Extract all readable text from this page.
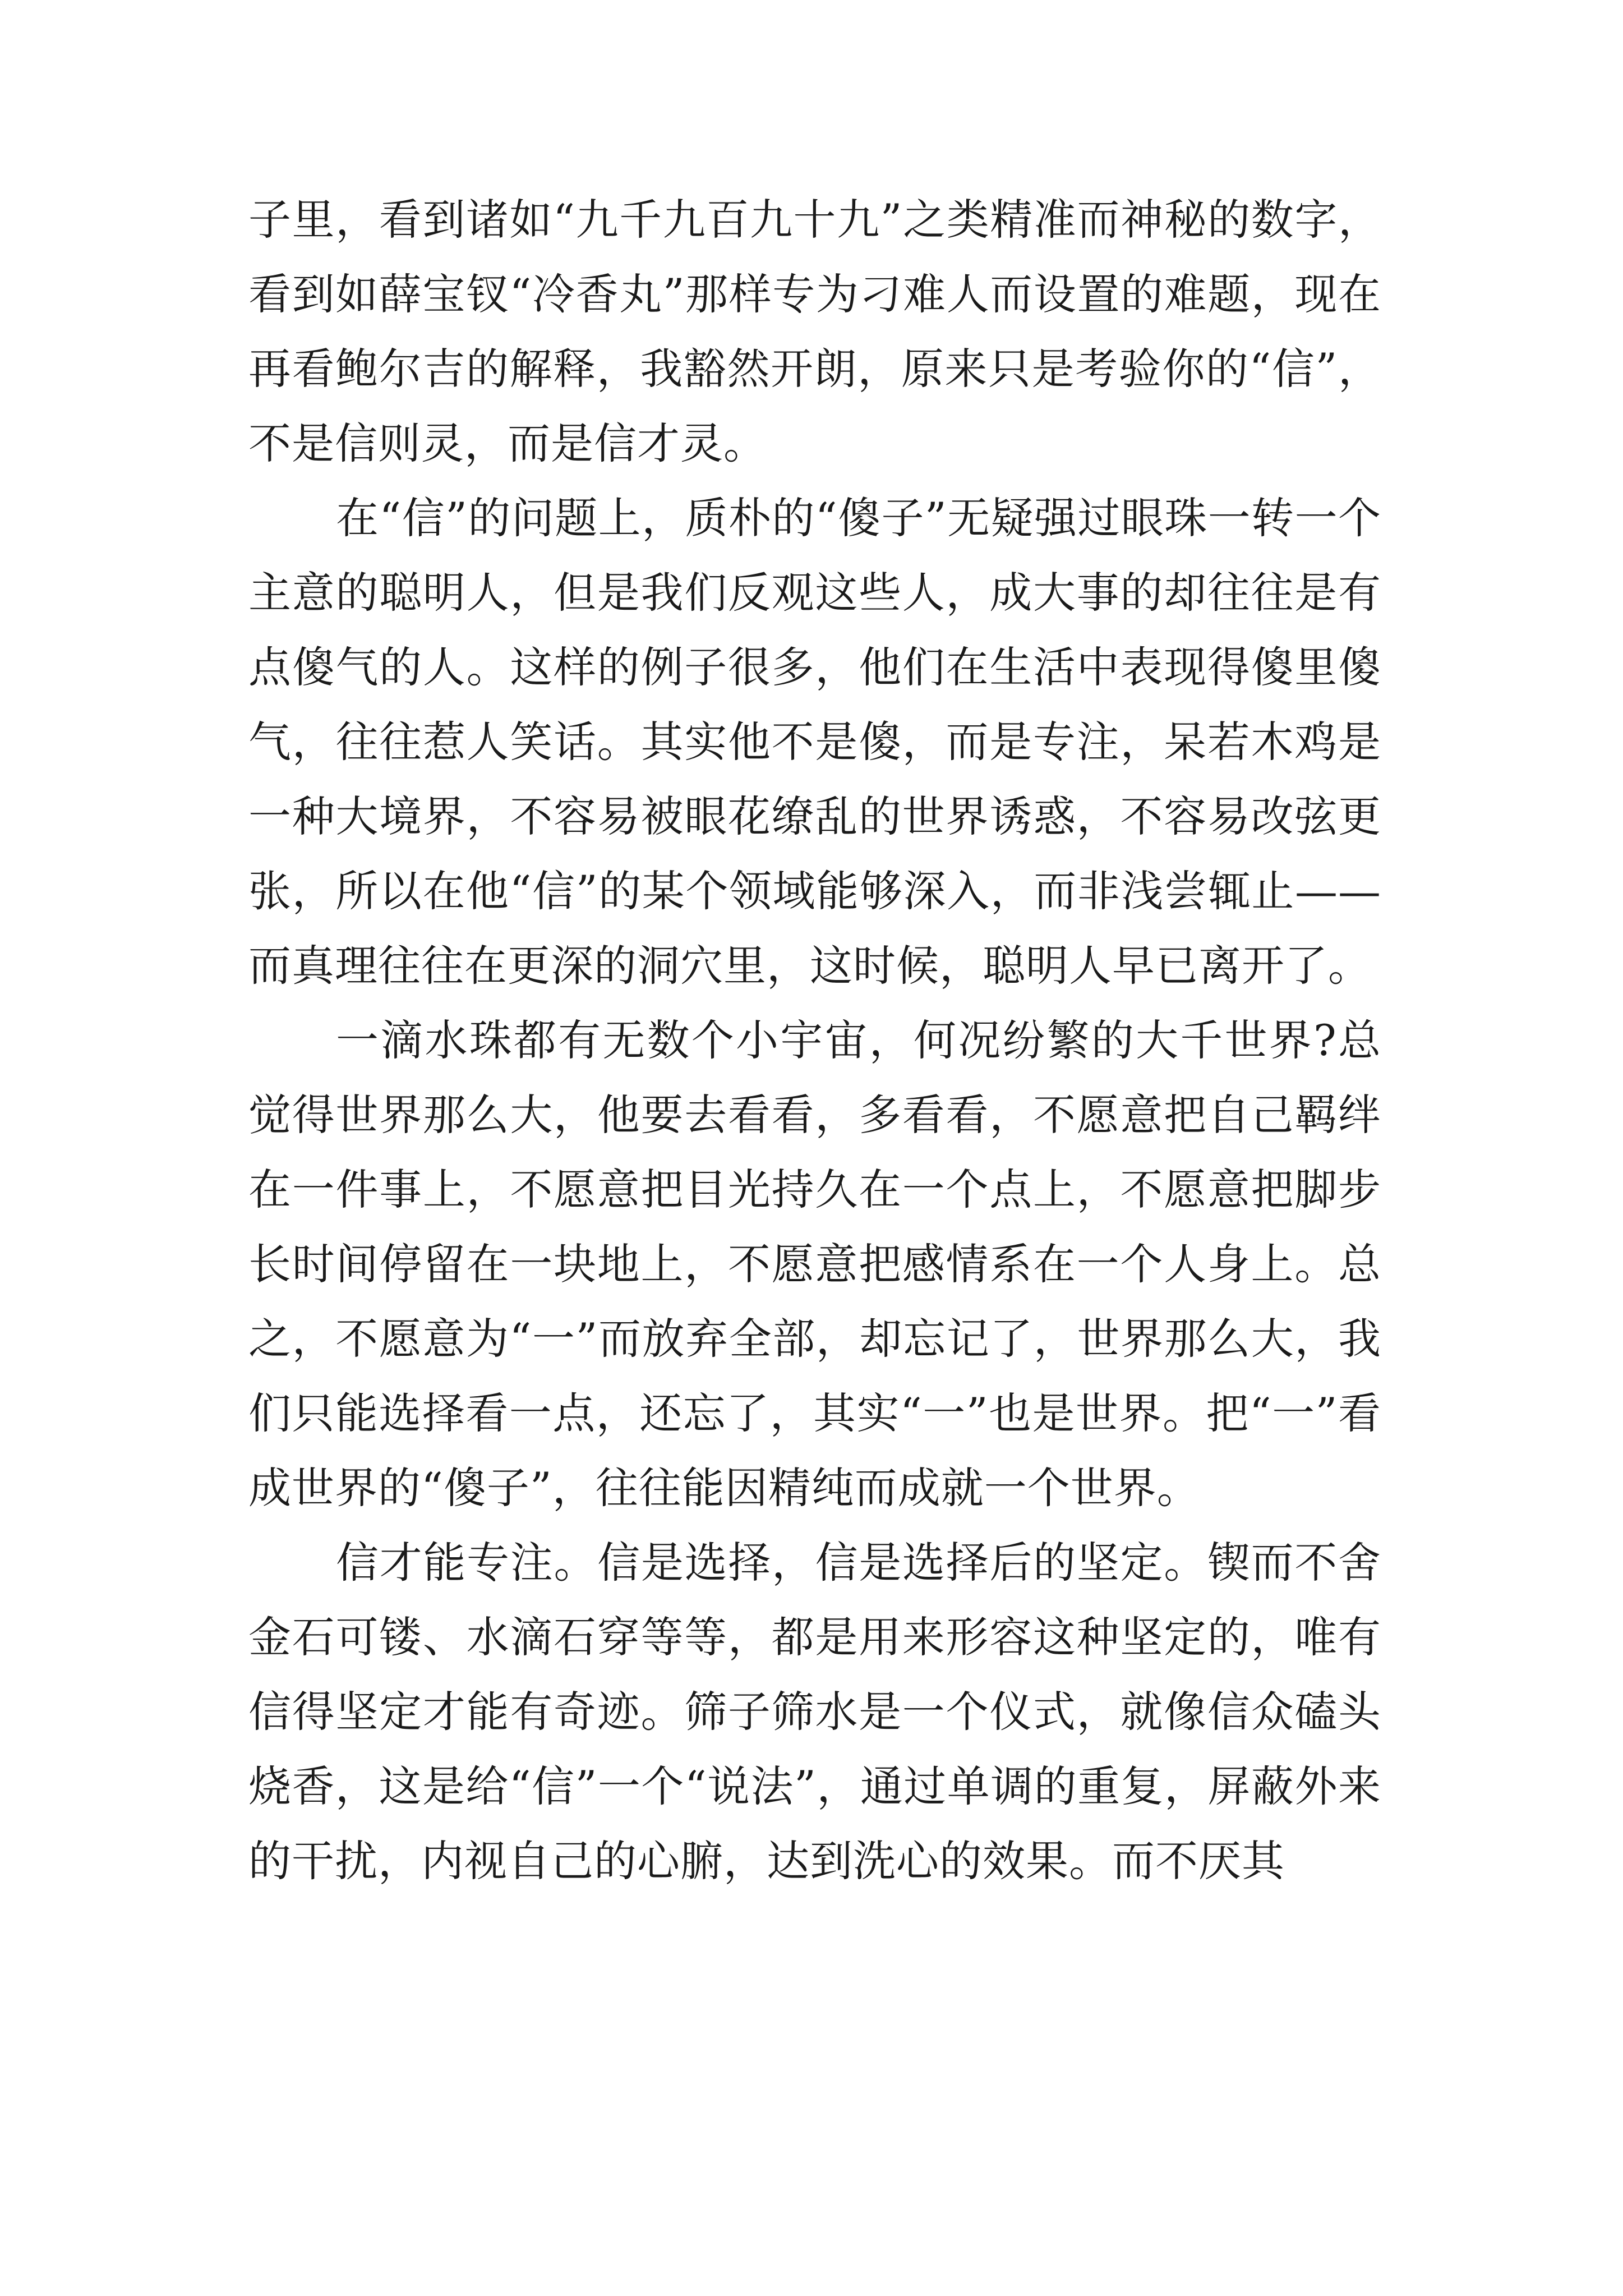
子里，看到诸如“九千九百九十九”之类精准而神秘的数字，看到如薛宝钗“冷香丸”那样专为刁难人而设置的难题，现在再看鲍尔吉的解释，我豁然开朗，原来只是考验你的“信”，不是信则灵，而是信才灵。

在“信”的问题上，质朴的“傻子”无疑强过眼珠一转一个主意的聪明人，但是我们反观这些人，成大事的却往往是有点傻气的人。这样的例子很多，他们在生活中表现得傻里傻气，往往惹人笑话。其实他不是傻，而是专注，呆若木鸡是一种大境界，不容易被眼花缭乱的世界诱惑，不容易改弦更张，所以在他“信”的某个领域能够深入，而非浅尝辄止——而真理往往在更深的洞穴里，这时候，聪明人早已离开了。

一滴水珠都有无数个小宇宙，何况纷繁的大千世界?总觉得世界那么大，他要去看看，多看看，不愿意把自己羁绊在一件事上，不愿意把目光持久在一个点上，不愿意把脚步长时间停留在一块地上，不愿意把感情系在一个人身上。总之，不愿意为“一”而放弃全部，却忘记了，世界那么大，我们只能选择看一点，还忘了，其实“一”也是世界。把“一”看成世界的“傻子”，往往能因精纯而成就一个世界。

信才能专注。信是选择，信是选择后的坚定。锲而不舍金石可镂、水滴石穿等等，都是用来形容这种坚定的，唯有信得坚定才能有奇迹。筛子筛水是一个仪式，就像信众磕头烧香，这是给“信”一个“说法”，通过单调的重复，屏蔽外来的干扰，内视自己的心腑，达到洗心的效果。而不厌其
